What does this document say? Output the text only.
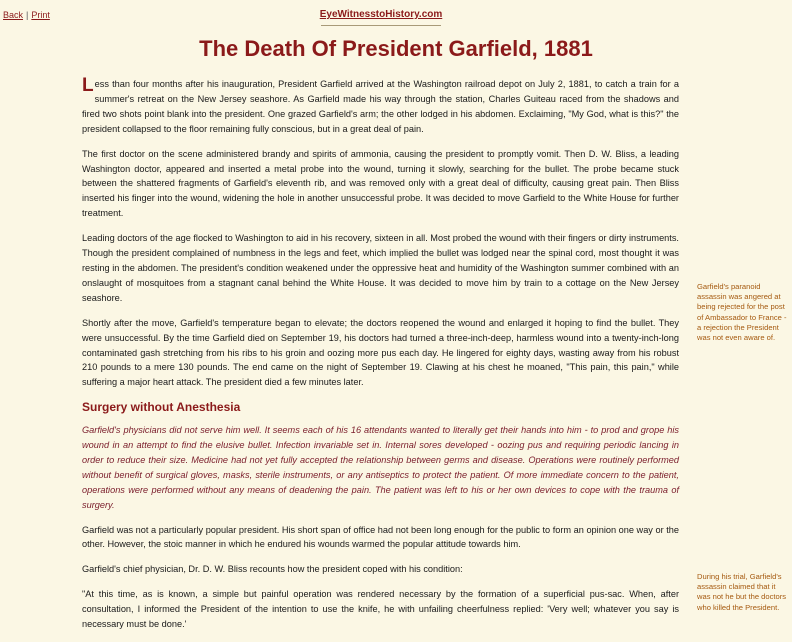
Back | Print	EyeWitnesstoHistory.com
The Death Of President Garfield, 1881

Less than four months after his inauguration, President Garfield arrived at the Washington railroad depot on July 2, 1881, to catch a train for a summer's retreat on the New Jersey seashore. As Garfield made his way through the station, Charles Guiteau raced from the shadows and fired two shots point blank into the president. One grazed Garfield's arm; the other lodged in his abdomen. Exclaiming, "My God, what is this?" the president collapsed to the floor remaining fully conscious, but in a great deal of pain.

The first doctor on the scene administered brandy and spirits of ammonia, causing the president to promptly vomit. Then D. W. Bliss, a leading Washington doctor, appeared and inserted a metal probe into the wound, turning it slowly, searching for the bullet. The probe became stuck between the shattered fragments of Garfield's eleventh rib, and was removed only with a great deal of difficulty, causing great pain. Then Bliss inserted his finger into the wound, widening the hole in another unsuccessful probe. It was decided to move Garfield to the White House for further treatment.

Leading doctors of the age flocked to Washington to aid in his recovery, sixteen in all. Most probed the wound with their fingers or dirty instruments. Though the president complained of numbness in the legs and feet, which implied the bullet was lodged near the spinal cord, most thought it was resting in the abdomen. The president's condition weakened under the oppressive heat and humidity of the Washington summer combined with an onslaught of mosquitoes from a stagnant canal behind the White House. It was decided to move him by train to a cottage on the New Jersey seashore.

Shortly after the move, Garfield's temperature began to elevate; the doctors reopened the wound and enlarged it hoping to find the bullet. They were unsuccessful. By the time Garfield died on September 19, his doctors had turned a three-inch-deep, harmless wound into a twenty-inch-long contaminated gash stretching from his ribs to his groin and oozing more pus each day. He lingered for eighty days, wasting away from his robust 210 pounds to a mere 130 pounds. The end came on the night of September 19. Clawing at his chest he moaned, "This pain, this pain," while suffering a major heart attack. The president died a few minutes later.

Surgery without Anesthesia

Garfield's physicians did not serve him well. It seems each of his 16 attendants wanted to literally get their hands into him - to prod and grope his wound in an attempt to find the elusive bullet. Infection invariable set in. Internal sores developed - oozing pus and requiring periodic lancing in order to reduce their size. Medicine had not yet fully accepted the relationship between germs and disease. Operations were routinely performed without benefit of surgical gloves, masks, sterile instruments, or any antiseptics to protect the patient. Of more immediate concern to the patient, operations were performed without any means of deadening the pain. The patient was left to his or her own devices to cope with the trauma of surgery.

Garfield was not a particularly popular president. His short span of office had not been long enough for the public to form an opinion one way or the other. However, the stoic manner in which he endured his wounds warmed the popular attitude towards him.

Garfield's chief physician, Dr. D. W. Bliss recounts how the president coped with his condition:

"At this time, as is known, a simple but painful operation was rendered necessary by the formation of a superficial pus-sac. When, after consultation, I informed the President of the intention to use the knife, he with unfailing cheerfulness replied: 'Very well; whatever you say is necessary must be done.'

Garfield's paranoid assassin was angered at being rejected for the post of Ambassador to France - a rejection the President was not even aware of.
During his trial, Garfield's assassin claimed that it was not he but the doctors who killed the President.
